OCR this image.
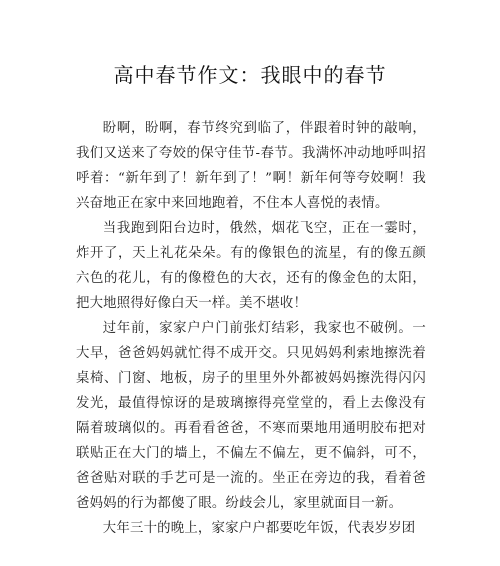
高中春节作文：我眼中的春节

盼啊，盼啊，春节终究到临了，伴跟着时钟的敲响，我们又送来了夸姣的保守佳节-春节。我满怀冲动地呼叫招呼着：“新年到了！新年到了！”啊！新年何等夸姣啊！我兴奋地正在家中来回地跑着，不住本人喜悦的表情。

当我跑到阳台边时，俄然，烟花飞空，正在一霎时，炸开了，天上礼花朵朵。有的像银色的流星，有的像五颜六色的花儿，有的像橙色的大衣，还有的像金色的太阳，把大地照得好像白天一样。美不堪收！

过年前，家家户户门前张灯结彩，我家也不破例。一大早，爸爸妈妈就忙得不成开交。只见妈妈利索地擦洗着桌椅、门窗、地板，房子的里里外外都被妈妈擦洗得闪闪发光，最值得惊讶的是玻璃擦得亮堂堂的，看上去像没有隔着玻璃似的。再看看爸爸，不寒而栗地用通明胶布把对联贴正在大门的墙上，不偏左不偏左，更不偏斜，可不，爸爸贴对联的手艺可是一流的。坐正在旁边的我，看着爸爸妈妈的行为都傻了眼。纷歧会儿，家里就面目一新。

大年三十的晚上，家家户户都要吃年饭，代表岁岁团
